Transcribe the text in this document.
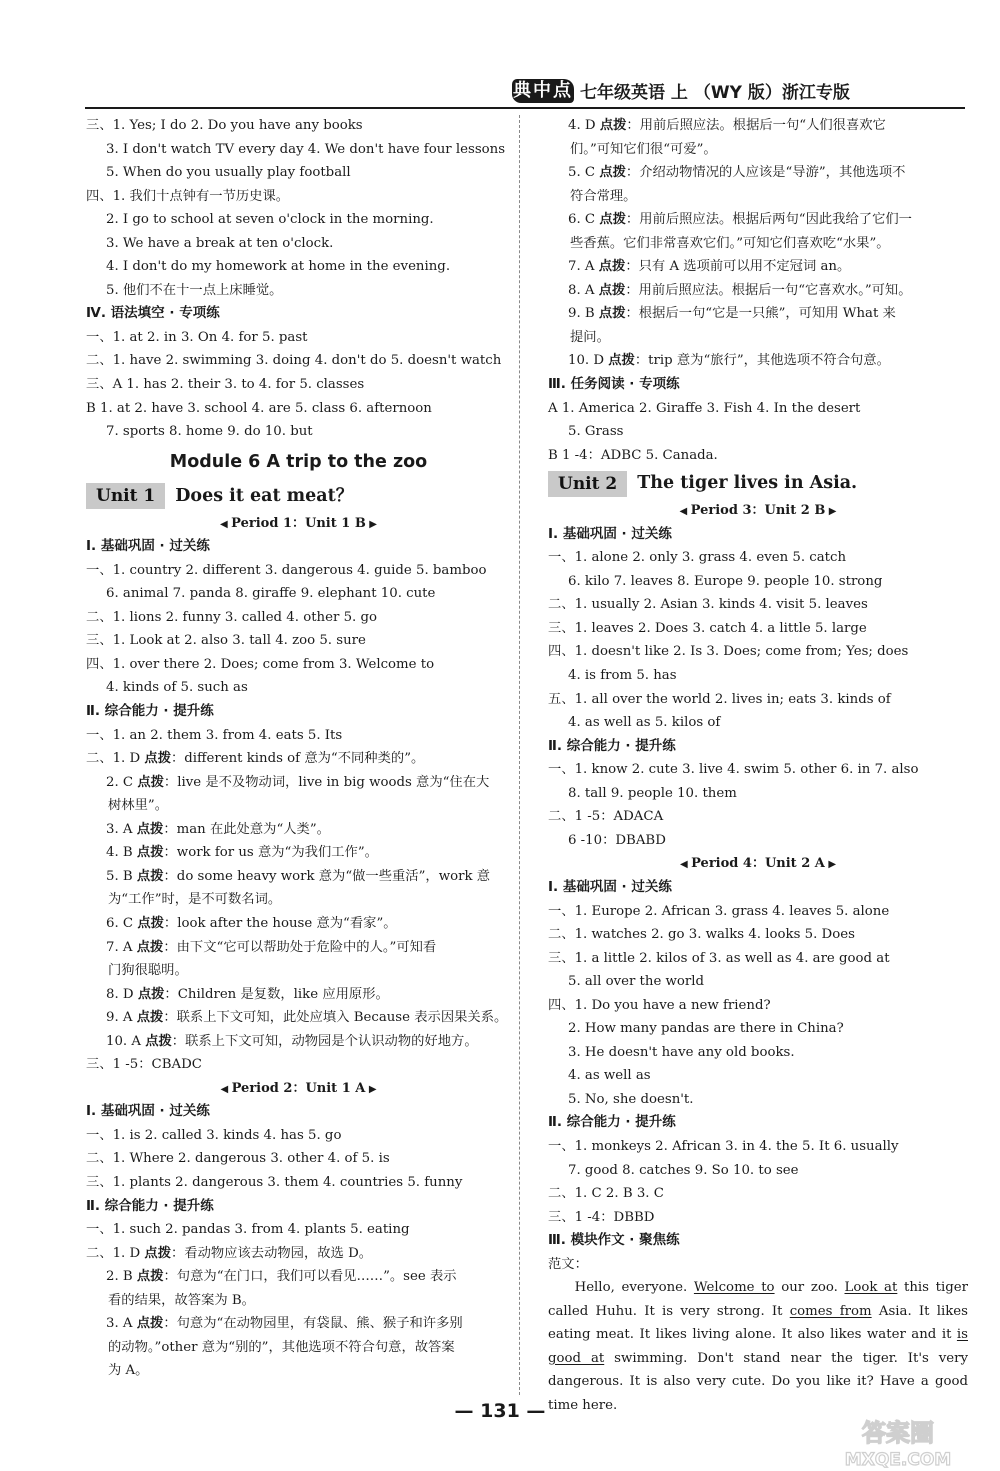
典中点 七年级英语 上 （WY 版）浙江专版
三、1. Yes; I do 2. Do you have any books
3. I don't watch TV every day 4. We don't have four lessons
5. When do you usually play football
四、1. 我们十点钟有一节历史课。
2. I go to school at seven o'clock in the morning.
3. We have a break at ten o'clock.
4. I don't do my homework at home in the evening.
5. 他们不在十一点上床睡觉。
Ⅳ. 语法填空 · 专项练
一、1. at 2. in 3. On 4. for 5. past
二、1. have 2. swimming 3. doing 4. don't do 5. doesn't watch
三、A 1. has 2. their 3. to 4. for 5. classes
B 1. at 2. have 3. school 4. are 5. class 6. afternoon
7. sports 8. home 9. do 10. but
Module 6 A trip to the zoo
Unit 1 Does it eat meat？
◀ Period 1：Unit 1 B ▶
Ⅰ. 基础巩固 · 过关练
一、1. country 2. different 3. dangerous 4. guide 5. bamboo
6. animal 7. panda 8. giraffe 9. elephant 10. cute
二、1. lions 2. funny 3. called 4. other 5. go
三、1. Look at 2. also 3. tall 4. zoo 5. sure
四、1. over there 2. Does; come from 3. Welcome to
4. kinds of 5. such as
Ⅱ. 综合能力 · 提升练
一、1. an 2. them 3. from 4. eats 5. Its
二、1. D 点拨：different kinds of 意为“不同种类的”。
2. C 点拨：live 是不及物动词，live in big woods 意为“住在大
树林里”。
3. A 点拨：man 在此处意为“人类”。
4. B 点拨：work for us 意为“为我们工作”。
5. B 点拨：do some heavy work 意为“做一些重活”，work 意
为“工作”时，是不可数名词。
6. C 点拨：look after the house 意为“看家”。
7. A 点拨：由下文“它可以帮助处于危险中的人。”可知看
门狗很聪明。
8. D 点拨：Children 是复数，like 应用原形。
9. A 点拨：联系上下文可知，此处应填入 Because 表示因果关系。
10. A 点拨：联系上下文可知，动物园是个认识动物的好地方。
三、1 -5：CBADC
◀ Period 2：Unit 1 A ▶
Ⅰ. 基础巩固 · 过关练
一、1. is 2. called 3. kinds 4. has 5. go
二、1. Where 2. dangerous 3. other 4. of 5. is
三、1. plants 2. dangerous 3. them 4. countries 5. funny
Ⅱ. 综合能力 · 提升练
一、1. such 2. pandas 3. from 4. plants 5. eating
二、1. D 点拨：看动物应该去动物园，故选 D。
2. B 点拨：句意为“在门口，我们可以看见……”。see 表示
看的结果，故答案为 B。
3. A 点拨：句意为“在动物园里，有袋鼠、熊、猴子和许多别
的动物。”other 意为“别的”，其他选项不符合句意，故答案
为 A。
4. D 点拨：用前后照应法。根据后一句“人们很喜欢它
们。”可知它们很“可爱”。
5. C 点拨：介绍动物情况的人应该是“导游”，其他选项不
符合常理。
6. C 点拨：用前后照应法。根据后两句“因此我给了它们一
些香蕉。它们非常喜欢它们。”可知它们喜欢吃“水果”。
7. A 点拨：只有 A 选项前可以用不定冠词 an。
8. A 点拨：用前后照应法。根据后一句“它喜欢水。”可知。
9. B 点拨：根据后一句“它是一只熊”，可知用 What 来
提问。
10. D 点拨：trip 意为“旅行”，其他选项不符合句意。
Ⅲ. 任务阅读 · 专项练
A 1. America 2. Giraffe 3. Fish 4. In the desert
5. Grass
B 1 -4：ADBC 5. Canada.
Unit 2 The tiger lives in Asia.
◀ Period 3：Unit 2 B ▶
Ⅰ. 基础巩固 · 过关练
一、1. alone 2. only 3. grass 4. even 5. catch
6. kilo 7. leaves 8. Europe 9. people 10. strong
二、1. usually 2. Asian 3. kinds 4. visit 5. leaves
三、1. leaves 2. Does 3. catch 4. a little 5. large
四、1. doesn't like 2. Is 3. Does; come from; Yes; does
4. is from 5. has
五、1. all over the world 2. lives in; eats 3. kinds of
4. as well as 5. kilos of
Ⅱ. 综合能力 · 提升练
一、1. know 2. cute 3. live 4. swim 5. other 6. in 7. also
8. tall 9. people 10. them
二、1 -5：ADACA
6 -10：DBABD
◀ Period 4：Unit 2 A ▶
Ⅰ. 基础巩固 · 过关练
一、1. Europe 2. African 3. grass 4. leaves 5. alone
二、1. watches 2. go 3. walks 4. looks 5. Does
三、1. a little 2. kilos of 3. as well as 4. are good at
5. all over the world
四、1. Do you have a new friend?
2. How many pandas are there in China?
3. He doesn't have any old books.
4. as well as
5. No, she doesn't.
Ⅱ. 综合能力 · 提升练
一、1. monkeys 2. African 3. in 4. the 5. It 6. usually
7. good 8. catches 9. So 10. to see
二、1. C 2. B 3. C
三、1 -4：DBBD
Ⅲ. 模块作文 · 聚焦练
范文：
Hello, everyone. Welcome to our zoo. Look at this tiger called Huhu. It is very strong. It comes from Asia. It likes eating meat. It likes living alone. It also likes water and it is good at swimming. Don't stand near the tiger. It's very dangerous. It is also very cute. Do you like it? Have a good time here.
— 131 —
答案圈
MXQE.COM
